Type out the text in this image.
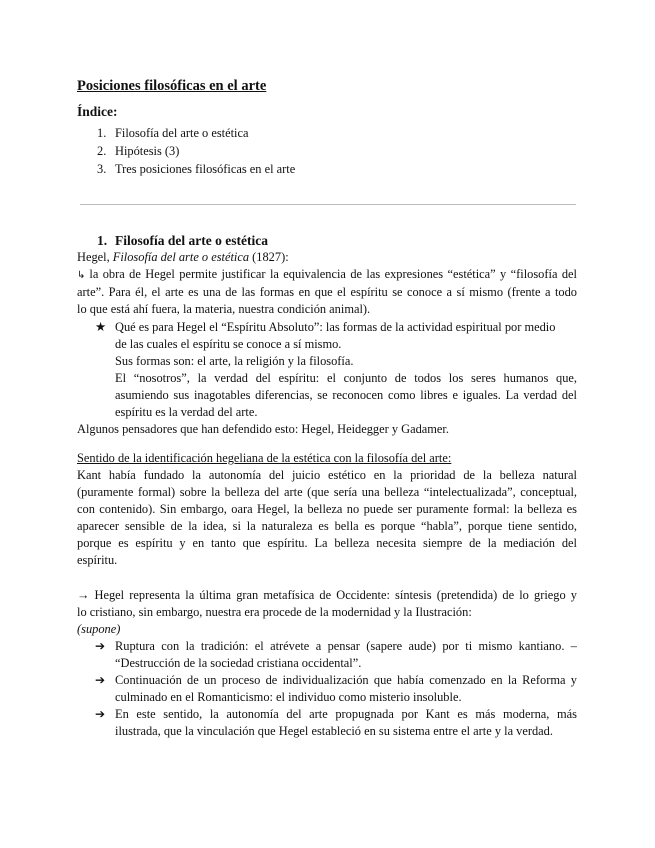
Posiciones filosóficas en el arte
Índice:
1. Filosofía del arte o estética
2. Hipótesis (3)
3. Tres posiciones filosóficas en el arte
1. Filosofía del arte o estética
Hegel, Filosofía del arte o estética (1827):
↳ la obra de Hegel permite justificar la equivalencia de las expresiones “estética” y “filosofía del
arte”. Para él, el arte es una de las formas en que el espíritu se conoce a sí mismo (frente a todo
lo que está ahí fuera, la materia, nuestra condición animal).
★ Qué es para Hegel el “Espíritu Absoluto”: las formas de la actividad espiritual por medio
de las cuales el espíritu se conoce a sí mismo.
Sus formas son: el arte, la religión y la filosofía.
El “nosotros”, la verdad del espíritu: el conjunto de todos los seres humanos que,
asumiendo sus inagotables diferencias, se reconocen como libres e iguales. La verdad del
espíritu es la verdad del arte.
Algunos pensadores que han defendido esto: Hegel, Heidegger y Gadamer.
Sentido de la identificación hegeliana de la estética con la filosofía del arte:
Kant había fundado la autonomía del juicio estético en la prioridad de la belleza natural
(puramente formal) sobre la belleza del arte (que sería una belleza “intelectualizada”, conceptual,
con contenido). Sin embargo, oara Hegel, la belleza no puede ser puramente formal: la belleza es
aparecer sensible de la idea, si la naturaleza es bella es porque “habla”, porque tiene sentido,
porque es espíritu y en tanto que espíritu. La belleza necesita siempre de la mediación del
espíritu.
→ Hegel representa la última gran metafísica de Occidente: síntesis (pretendida) de lo griego y
lo cristiano, sin embargo, nuestra era procede de la modernidad y la Ilustración:
(supone)
➔ Ruptura con la tradición: el atrévete a pensar (sapere aude) por ti mismo kantiano. –
“Destrucción de la sociedad cristiana occidental”.
➔ Continuación de un proceso de individualización que había comenzado en la Reforma y
culminado en el Romanticismo: el individuo como misterio insoluble.
➔ En este sentido, la autonomía del arte propugnada por Kant es más moderna, más
ilustrada, que la vinculación que Hegel estableció en su sistema entre el arte y la verdad.
